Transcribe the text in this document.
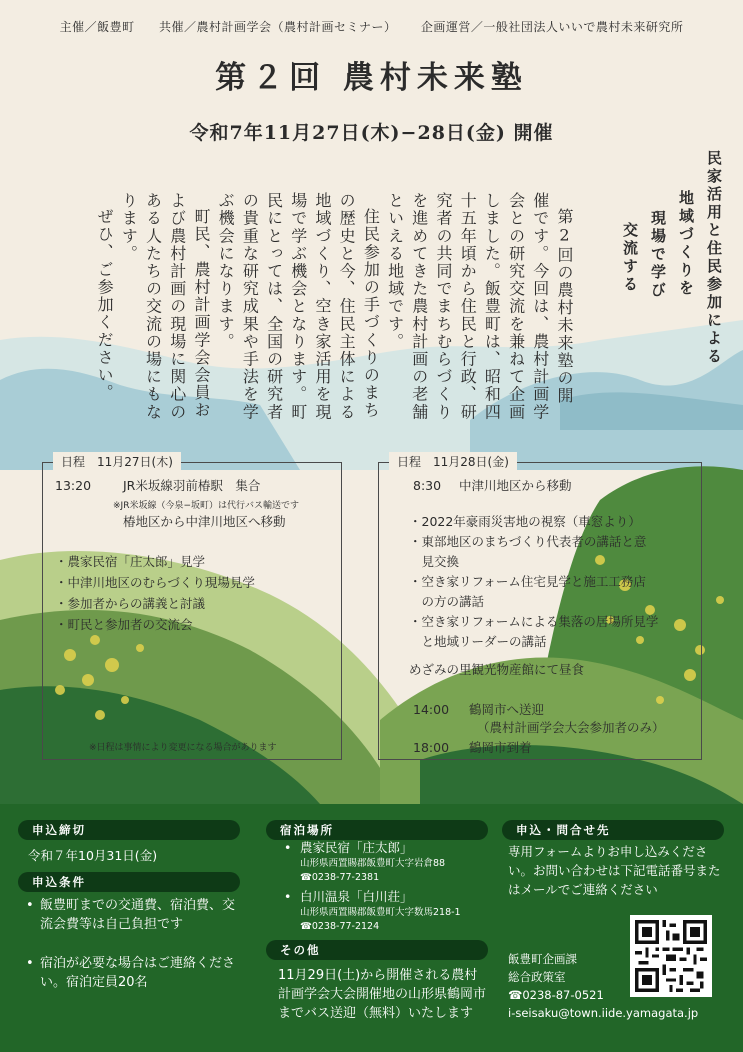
主催／飯豊町 共催／農村計画学会（農村計画セミナー） 企画運営／一般社団法人いいで農村未来研究所
第２回 農村未来塾
令和7年11月27日(木)−28日(金) 開催

第2回の農村未来塾の開催です。今回は、農村計画学会との研究交流を兼ねて企画しました。飯豊町は、昭和四十五年頃から住民と行政、研究者の共同でまちむらづくりを進めてきた農村計画の老舗といえる地域です。

住民参加の手づくりのまちの歴史と今、住民主体による地域づくり、空き家活用を現場で学ぶ機会となります。町民にとっては、全国の研究者の貴重な研究成果や手法を学ぶ機会になります。

町民、農村計画学会会員および農村計画の現場に関心のある人たちの交流の場にもなります。

ぜひ、ご参加ください。	民家活用と住民参加による
地域づくりを
現場で学び
交流する
日程　11月27日(木)
13:20	JR米坂線羽前椿駅　集合
※JR米坂線（今泉−坂町）は代行バス輸送です
椿地区から中津川地区へ移動
・農家民宿「庄太郎」見学
・中津川地区のむらづくり現場見学
・参加者からの講義と討議
・町民と参加者の交流会
※日程は事情により変更になる場合があります
日程　11月28日(金)
8:30 中津川地区から移動
・2022年豪雨災害地の視察（車窓より）
・東部地区のまちづくり代表者の講話と意
　見交換
・空き家リフォーム住宅見学と施工工務店
　の方の講話
・空き家リフォームによる集落の居場所見学
　と地域リーダーの講話
めざみの里観光物産館にて昼食
14:00 鶴岡市へ送迎
（農村計画学会大会参加者のみ）
18:00 鶴岡市到着
申込締切
令和７年10月31日(金)
申込条件
• 飯豊町までの交通費、宿泊費、交流会費等は自己負担です
• 宿泊が必要な場合はご連絡ください。宿泊定員20名
宿泊場所
• 農家民宿「庄太郎」
山形県西置賜郡飯豊町大字岩倉88
☎0238-77-2381
• 白川温泉「白川荘」
山形県西置賜郡飯豊町大字数馬218-1
☎0238-77-2124
その他
11月29日(土)から開催される農村計画学会大会開催地の山形県鶴岡市までバス送迎（無料）いたします
申込・問合せ先
専用フォームよりお申し込みください。お問い合わせは下記電話番号またはメールでご連絡ください
飯豊町企画課
総合政策室
☎0238-87-0521
i-seisaku@town.iide.yamagata.jp
